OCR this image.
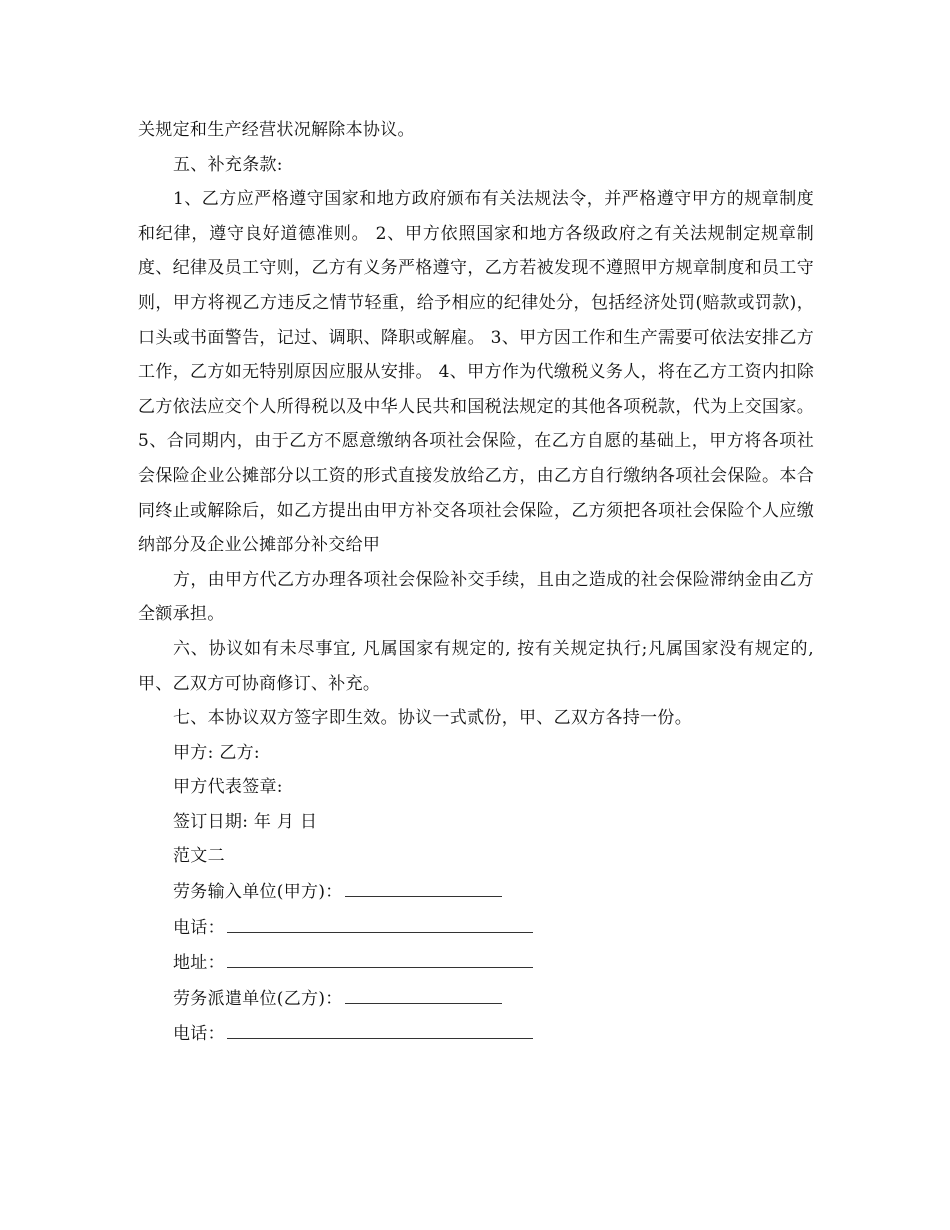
关规定和生产经营状况解除本协议。

五、补充条款:

1、乙方应严格遵守国家和地方政府颁布有关法规法令，并严格遵守甲方的规章制度和纪律，遵守良好道德准则。 2、甲方依照国家和地方各级政府之有关法规制定规章制度、纪律及员工守则，乙方有义务严格遵守，乙方若被发现不遵照甲方规章制度和员工守则，甲方将视乙方违反之情节轻重，给予相应的纪律处分，包括经济处罚(赔款或罚款)，口头或书面警告，记过、调职、降职或解雇。 3、甲方因工作和生产需要可依法安排乙方工作，乙方如无特别原因应服从安排。 4、甲方作为代缴税义务人，将在乙方工资内扣除乙方依法应交个人所得税以及中华人民共和国税法规定的其他各项税款，代为上交国家。 5、合同期内，由于乙方不愿意缴纳各项社会保险，在乙方自愿的基础上，甲方将各项社会保险企业公摊部分以工资的形式直接发放给乙方，由乙方自行缴纳各项社会保险。本合同终止或解除后，如乙方提出由甲方补交各项社会保险，乙方须把各项社会保险个人应缴纳部分及企业公摊部分补交给甲

方，由甲方代乙方办理各项社会保险补交手续，且由之造成的社会保险滞纳金由乙方全额承担。

六、协议如有未尽事宜, 凡属国家有规定的, 按有关规定执行;凡属国家没有规定的, 甲、乙双方可协商修订、补充。

七、本协议双方签字即生效。协议一式贰份，甲、乙双方各持一份。

甲方: 乙方:

甲方代表签章:

签订日期: 年 月 日

范文二

劳务输入单位(甲方)：

电话：

地址：

劳务派遣单位(乙方)：

电话：
